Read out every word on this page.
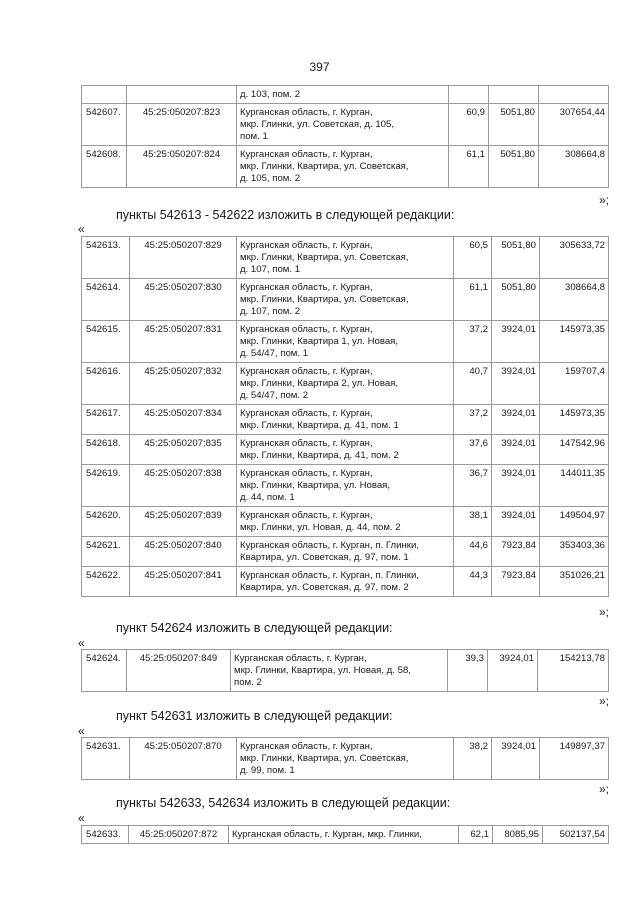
397
		д. 103, пом. 2			
542607.	45:25:050207:823	Курганская область, г. Курган,
мкр. Глинки, ул. Советская, д. 105,
пом. 1	60,9	5051,80	307654,44
542608.	45:25:050207:824	Курганская область, г. Курган,
мкр. Глинки, Квартира, ул. Советская,
д. 105, пом. 2	61,1	5051,80	308664,8
»;
пункты 542613 - 542622 изложить в следующей редакции:
«
542613.	45:25:050207:829	Курганская область, г. Курган,
мкр. Глинки, Квартира, ул. Советская,
д. 107, пом. 1	60,5	5051,80	305633,72
542614.	45:25:050207:830	Курганская область, г. Курган,
мкр. Глинки, Квартира, ул. Советская,
д. 107, пом. 2	61,1	5051,80	308664,8
542615.	45:25:050207:831	Курганская область, г. Курган,
мкр. Глинки, Квартира 1, ул. Новая,
д. 54/47, пом. 1	37,2	3924,01	145973,35
542616.	45:25:050207:832	Курганская область, г. Курган,
мкр. Глинки, Квартира 2, ул. Новая,
д. 54/47, пом. 2	40,7	3924,01	159707,4
542617.	45:25:050207:834	Курганская область, г. Курган,
мкр. Глинки, Квартира, д. 41, пом. 1	37,2	3924,01	145973,35
542618.	45:25:050207:835	Курганская область, г. Курган,
мкр. Глинки, Квартира, д. 41, пом. 2	37,6	3924,01	147542,96
542619.	45:25:050207:838	Курганская область, г. Курган,
мкр. Глинки, Квартира, ул. Новая,
д. 44, пом. 1	36,7	3924,01	144011,35
542620.	45:25:050207:839	Курганская область, г. Курган,
мкр. Глинки, ул. Новая, д. 44, пом. 2	38,1	3924,01	149504,97
542621.	45:25:050207:840	Курганская область, г. Курган, п. Глинки,
Квартира, ул. Советская, д. 97, пом. 1	44,6	7923,84	353403,36
542622.	45:25:050207:841	Курганская область, г. Курган, п. Глинки,
Квартира, ул. Советская, д. 97, пом. 2	44,3	7923,84	351026,21
»;
пункт 542624 изложить в следующей редакции:
«
542624.	45:25:050207:849	Курганская область, г. Курган,
мкр. Глинки, Квартира, ул. Новая, д. 58,
пом. 2	39,3	3924,01	154213,78
»;
пункт 542631 изложить в следующей редакции:
«
542631.	45:25:050207:870	Курганская область, г. Курган,
мкр. Глинки, Квартира, ул. Советская,
д. 99, пом. 1	38,2	3924,01	149897,37
»;
пункты 542633, 542634 изложить в следующей редакции:
«
542633.	45:25:050207:872	Курганская область, г. Курган, мкр. Глинки,	62,1	8085,95	502137,54
